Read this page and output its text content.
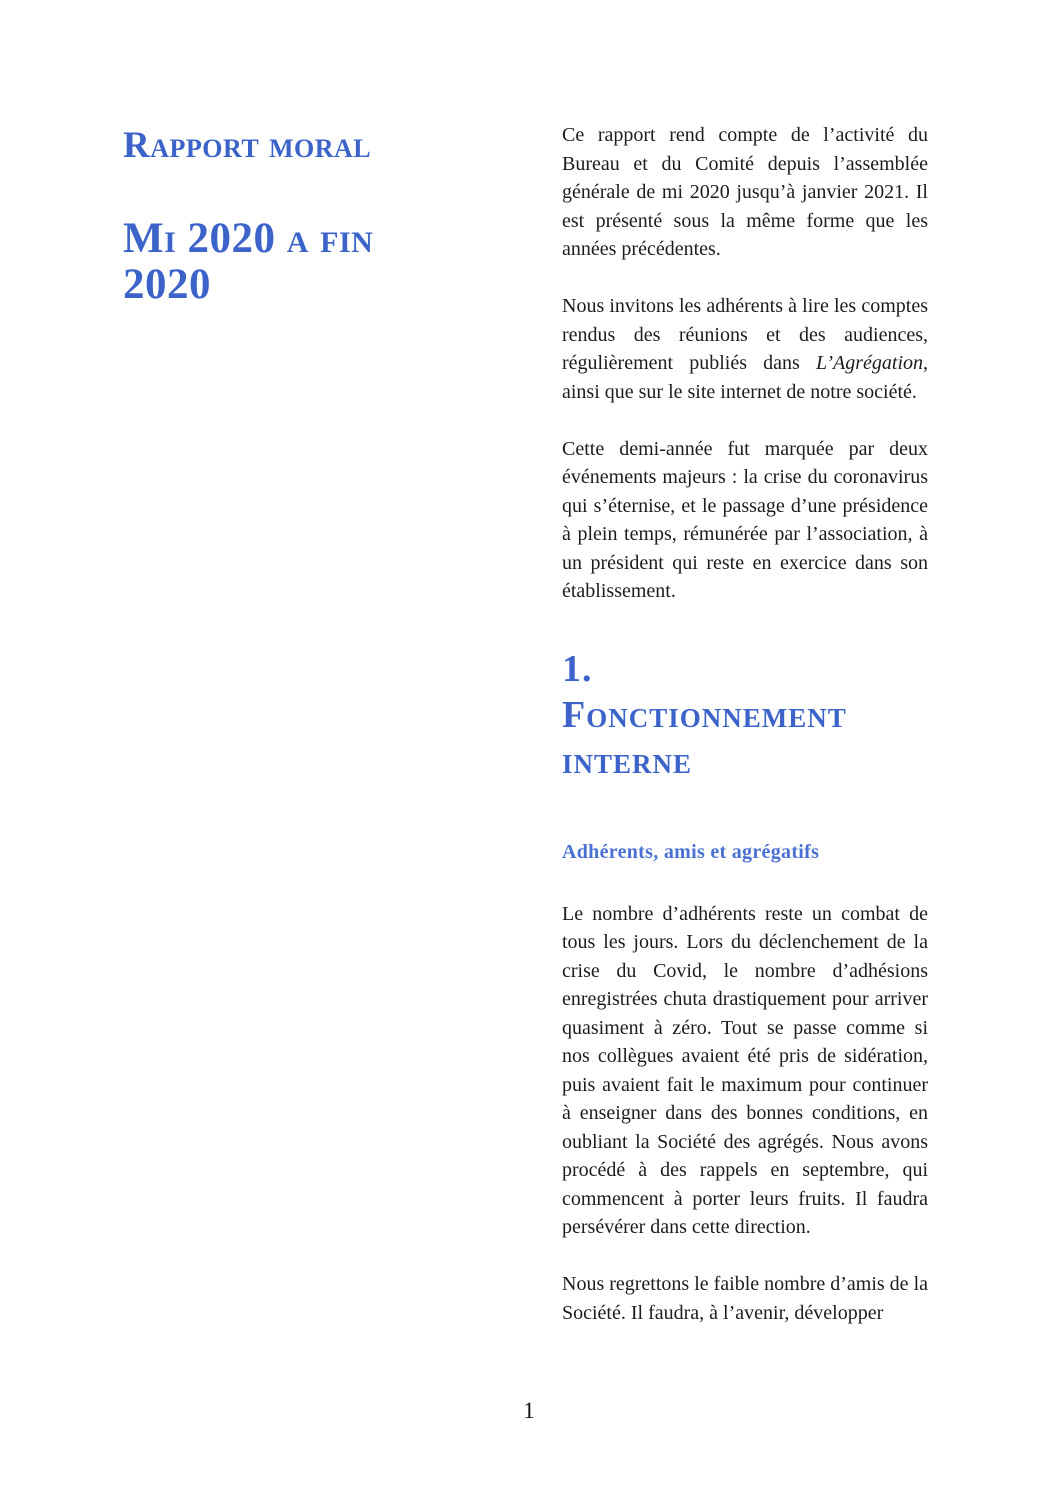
Rapport moral
Mi 2020 a fin 2020

Ce rapport rend compte de l’activité du Bureau et du Comité depuis l’assemblée générale de mi 2020 jusqu’à janvier 2021. Il est présenté sous la même forme que les années précédentes.

Nous invitons les adhérents à lire les comptes rendus des réunions et des audiences, régulièrement publiés dans L’Agrégation, ainsi que sur le site internet de notre société.

Cette demi-année fut marquée par deux événements majeurs : la crise du coronavirus qui s’éternise, et le passage d’une présidence à plein temps, rémunérée par l’association, à un président qui reste en exercice dans son établissement.

1.
Fonctionnement interne
Adhérents, amis et agrégatifs

Le nombre d’adhérents reste un combat de tous les jours. Lors du déclenchement de la crise du Covid, le nombre d’adhésions enregistrées chuta drastiquement pour arriver quasiment à zéro. Tout se passe comme si nos collègues avaient été pris de sidération, puis avaient fait le maximum pour continuer à enseigner dans des bonnes conditions, en oubliant la Société des agrégés. Nous avons procédé à des rappels en septembre, qui commencent à porter leurs fruits. Il faudra persévérer dans cette direction.

Nous regrettons le faible nombre d’amis de la Société. Il faudra, à l’avenir, développer

1
